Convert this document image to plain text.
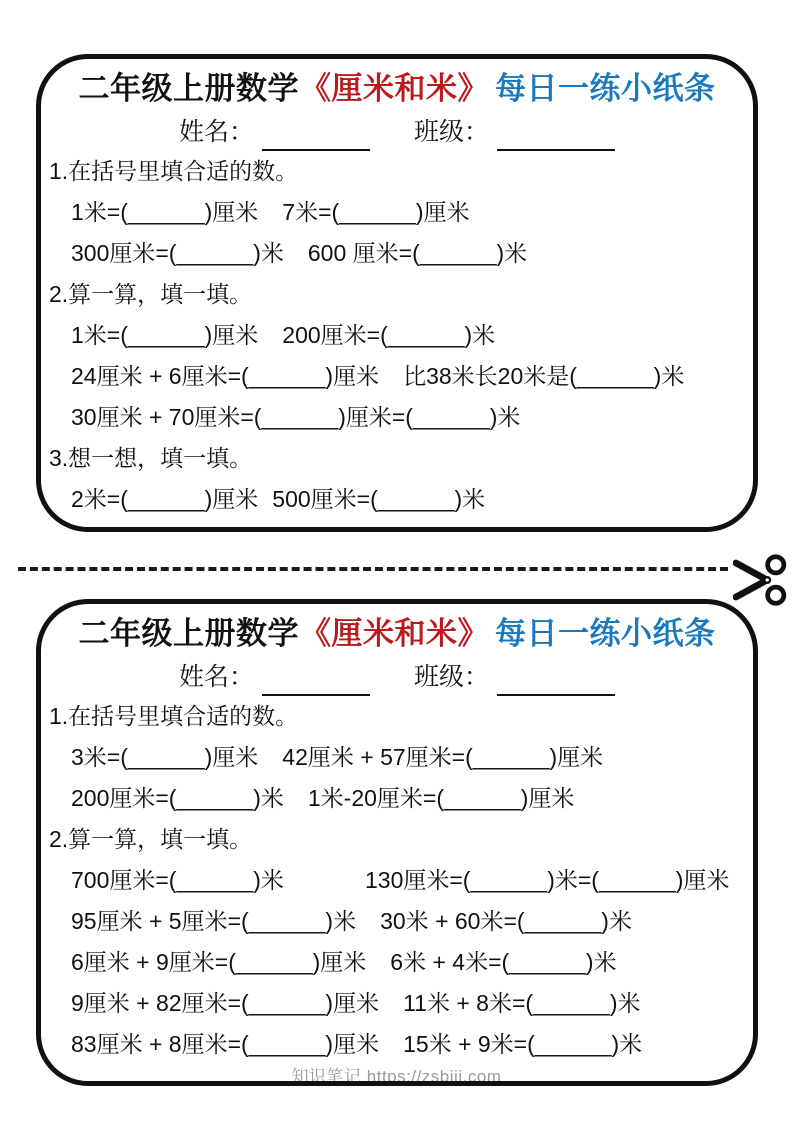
二年级上册数学《厘米和米》 每日一练小纸条
姓名：	班级：
1.在括号里填合适的数。
1米=(______)厘米 7米=(______)厘米
300厘米=(______)米 600 厘米=(______)米
2.算一算，填一填。
1米=(______)厘米 200厘米=(______)米
24厘米 + 6厘米=(______)厘米 比38米长20米是(______)米
30厘米 + 70厘米=(______)厘米=(______)米
3.想一想，填一填。
2米=(______)厘米 500厘米=(______)米
二年级上册数学《厘米和米》 每日一练小纸条
姓名：	班级：
1.在括号里填合适的数。
3米=(______)厘米 42厘米 + 57厘米=(______)厘米
200厘米=(______)米 1米-20厘米=(______)厘米
2.算一算，填一填。
700厘米=(______)米	130厘米=(______)米=(______)厘米
95厘米 + 5厘米=(______)米 30米 + 60米=(______)米
6厘米 + 9厘米=(______)厘米 6米 + 4米=(______)米
9厘米 + 82厘米=(______)厘米 11米 + 8米=(______)米
83厘米 + 8厘米=(______)厘米 15米 + 9米=(______)米
知识笔记 https://zsbiji.com
